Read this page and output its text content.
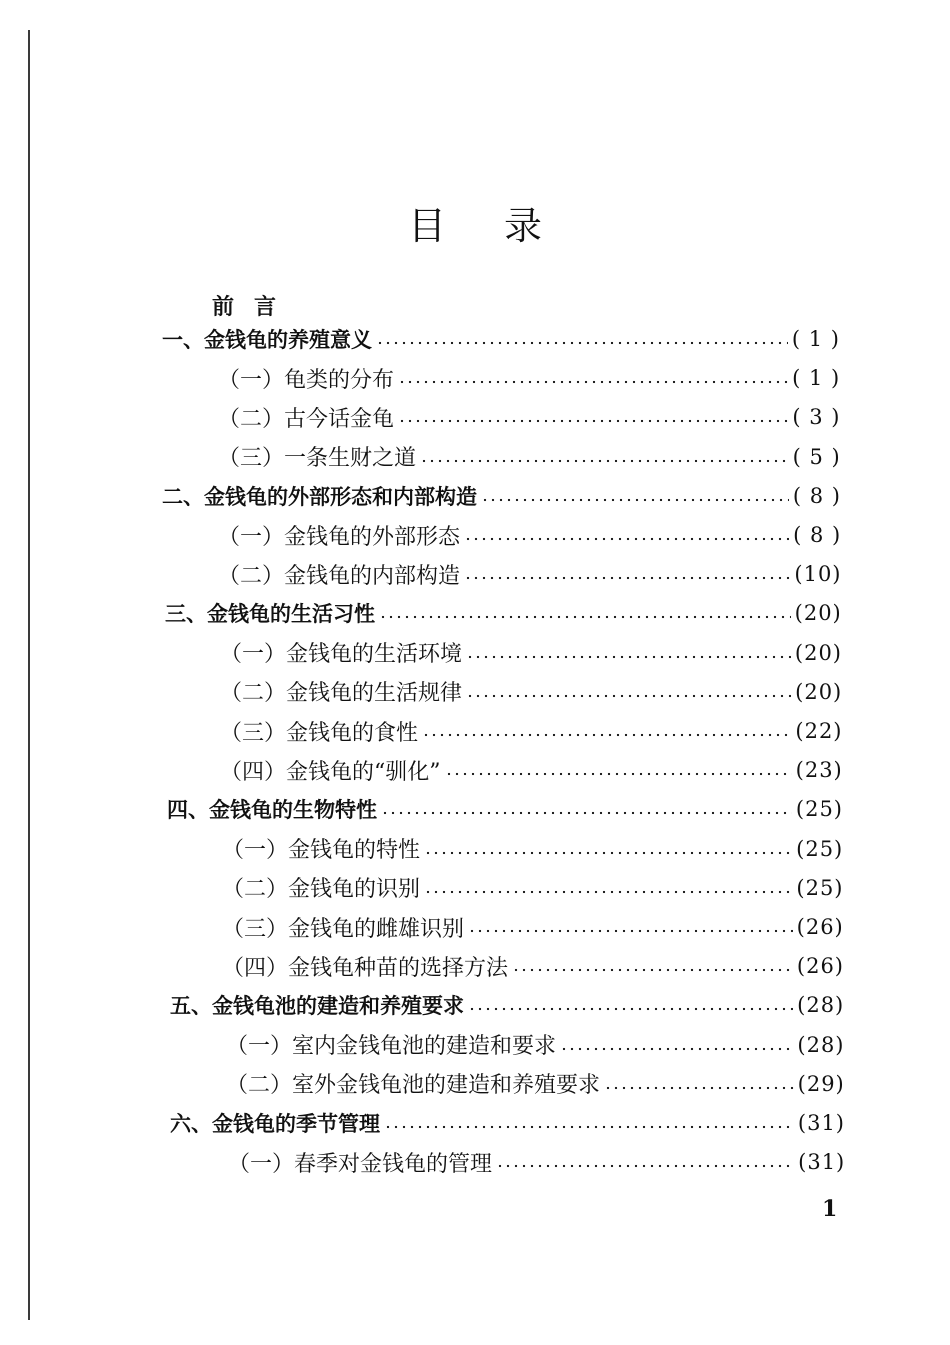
目录
前言
一、金钱龟的养殖意义	( 1 )
（一）龟类的分布	( 1 )
（二）古今话金龟	( 3 )
（三）一条生财之道	( 5 )
二、金钱龟的外部形态和内部构造	( 8 )
（一）金钱龟的外部形态	( 8 )
（二）金钱龟的内部构造	(10)
三、金钱龟的生活习性	(20)
（一）金钱龟的生活环境	(20)
（二）金钱龟的生活规律	(20)
（三）金钱龟的食性	(22)
（四）金钱龟的“驯化”	(23)
四、金钱龟的生物特性	(25)
（一）金钱龟的特性	(25)
（二）金钱龟的识别	(25)
（三）金钱龟的雌雄识别	(26)
（四）金钱龟种苗的选择方法	(26)
五、金钱龟池的建造和养殖要求	(28)
（一）室内金钱龟池的建造和要求	(28)
（二）室外金钱龟池的建造和养殖要求	(29)
六、金钱龟的季节管理	(31)
（一）春季对金钱龟的管理	(31)
1
